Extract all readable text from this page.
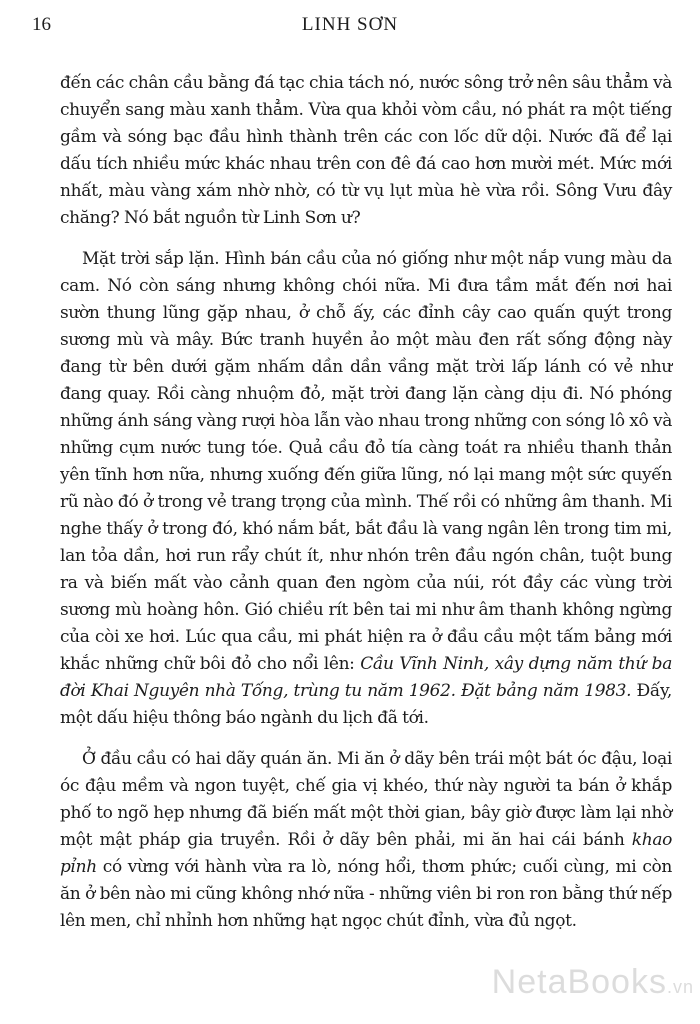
16	LINH SƠN

đến các chân cầu bằng đá tạc chia tách nó, nước sông trở nên sâu thẳm và chuyển sang màu xanh thẳm. Vừa qua khỏi vòm cầu, nó phát ra một tiếng gầm và sóng bạc đầu hình thành trên các con lốc dữ dội. Nước đã để lại dấu tích nhiều mức khác nhau trên con đê đá cao hơn mười mét. Mức mới nhất, màu vàng xám nhờ nhờ, có từ vụ lụt mùa hè vừa rồi. Sông Vưu đây chăng? Nó bắt nguồn từ Linh Sơn ư?

Mặt trời sắp lặn. Hình bán cầu của nó giống như một nắp vung màu da cam. Nó còn sáng nhưng không chói nữa. Mi đưa tầm mắt đến nơi hai sườn thung lũng gặp nhau, ở chỗ ấy, các đỉnh cây cao quấn quýt trong sương mù và mây. Bức tranh huyền ảo một màu đen rất sống động này đang từ bên dưới gặm nhấm dần dần vầng mặt trời lấp lánh có vẻ như đang quay. Rồi càng nhuộm đỏ, mặt trời đang lặn càng dịu đi. Nó phóng những ánh sáng vàng rượi hòa lẫn vào nhau trong những con sóng lô xô và những cụm nước tung tóe. Quả cầu đỏ tía càng toát ra nhiều thanh thản yên tĩnh hơn nữa, nhưng xuống đến giữa lũng, nó lại mang một sức quyến rũ nào đó ở trong vẻ trang trọng của mình. Thế rồi có những âm thanh. Mi nghe thấy ở trong đó, khó nắm bắt, bắt đầu là vang ngân lên trong tim mi, lan tỏa dần, hơi run rẩy chút ít, như nhón trên đầu ngón chân, tuột bung ra và biến mất vào cảnh quan đen ngòm của núi, rót đầy các vùng trời sương mù hoàng hôn. Gió chiều rít bên tai mi như âm thanh không ngừng của còi xe hơi. Lúc qua cầu, mi phát hiện ra ở đầu cầu một tấm bảng mới khắc những chữ bôi đỏ cho nổi lên: Cầu Vĩnh Ninh, xây dựng năm thứ ba đời Khai Nguyên nhà Tống, trùng tu năm 1962. Đặt bảng năm 1983. Đấy, một dấu hiệu thông báo ngành du lịch đã tới.

Ở đầu cầu có hai dãy quán ăn. Mi ăn ở dãy bên trái một bát óc đậu, loại óc đậu mềm và ngon tuyệt, chế gia vị khéo, thứ này người ta bán ở khắp phố to ngõ hẹp nhưng đã biến mất một thời gian, bây giờ được làm lại nhờ một mật pháp gia truyền. Rồi ở dãy bên phải, mi ăn hai cái bánh khao pỉnh có vừng với hành vừa ra lò, nóng hổi, thơm phức; cuối cùng, mi còn ăn ở bên nào mi cũng không nhớ nữa - những viên bi ron ron bằng thứ nếp lên men, chỉ nhỉnh hơn những hạt ngọc chút đỉnh, vừa đủ ngọt.

NetaBooks.vn
